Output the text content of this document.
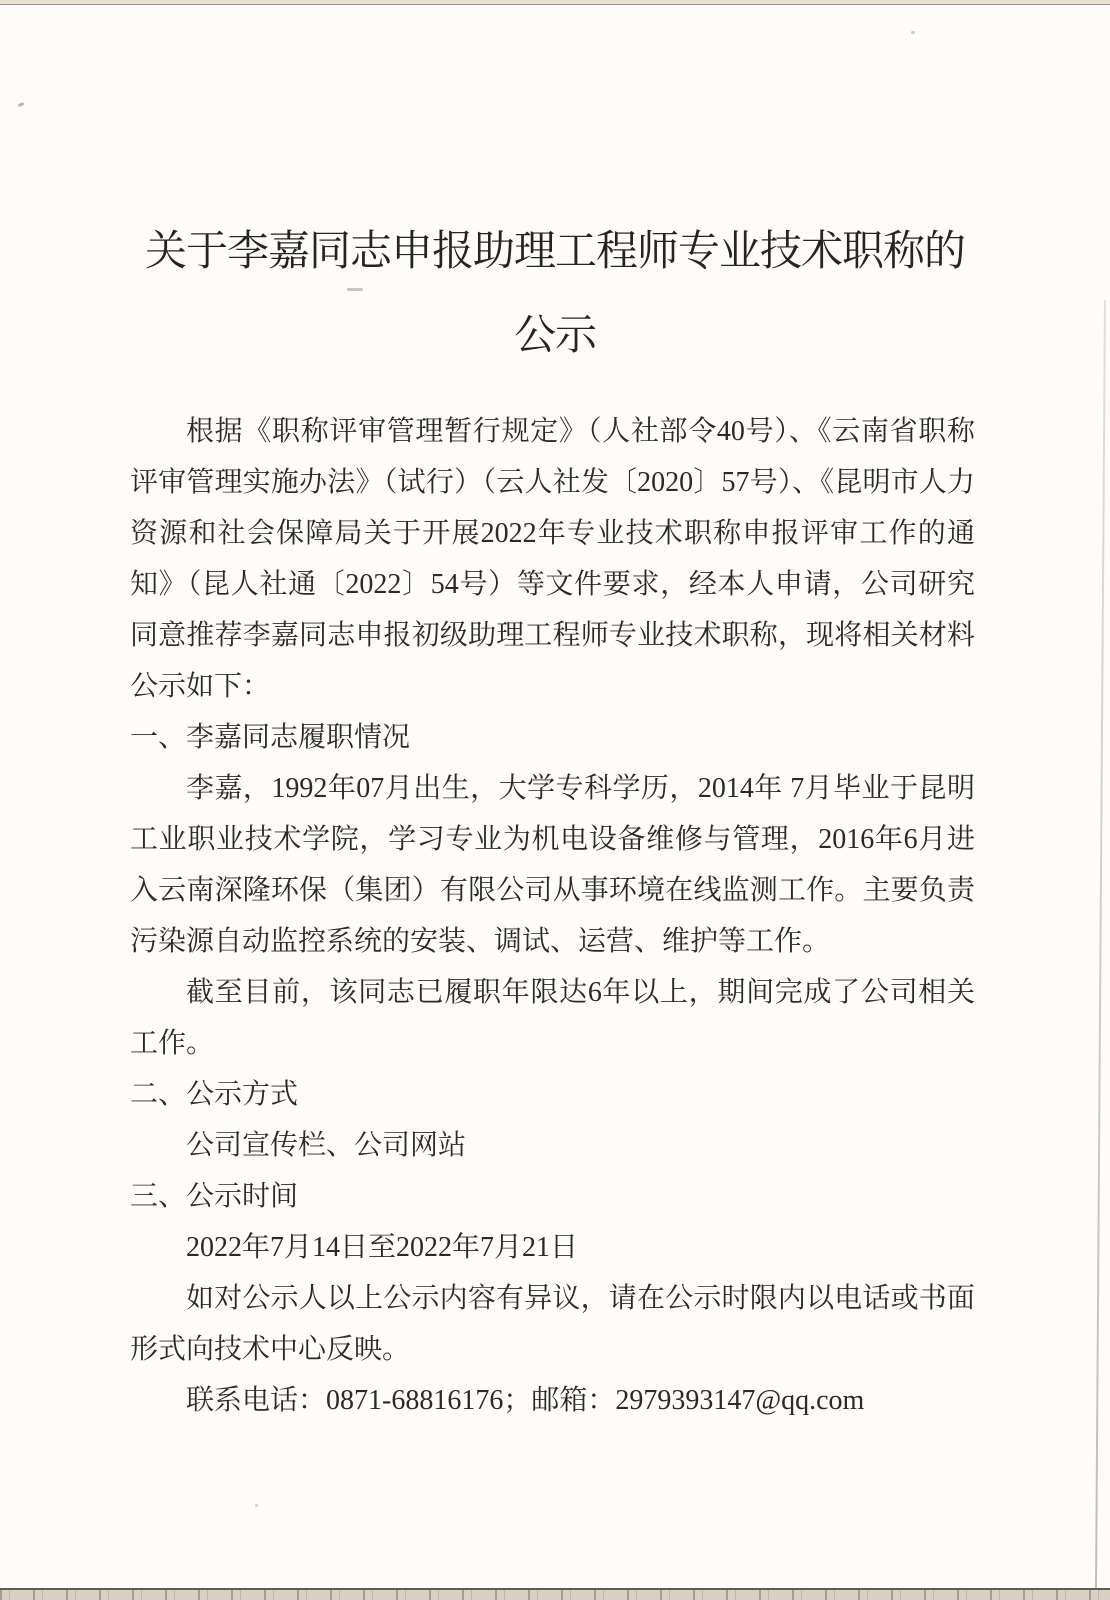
关于李嘉同志申报助理工程师专业技术职称的
公示

根据《职称评审管理暂行规定》（人社部令40号）、《云南省职称评审管理实施办法》（试行）（云人社发〔2020〕57号）、《昆明市人力资源和社会保障局关于开展2022年专业技术职称申报评审工作的通知》（昆人社通〔2022〕54号）等文件要求，经本人申请，公司研究同意推荐李嘉同志申报初级助理工程师专业技术职称，现将相关材料公示如下：

一、李嘉同志履职情况

李嘉，1992年07月出生，大学专科学历，2014年 7月毕业于昆明工业职业技术学院，学习专业为机电设备维修与管理，2016年6月进入云南深隆环保（集团）有限公司从事环境在线监测工作。主要负责污染源自动监控系统的安装、调试、运营、维护等工作。

截至目前，该同志已履职年限达6年以上，期间完成了公司相关工作。

二、公示方式

公司宣传栏、公司网站

三、公示时间

2022年7月14日至2022年7月21日

如对公示人以上公示内容有异议，请在公示时限内以电话或书面形式向技术中心反映。

联系电话：0871-68816176；邮箱：2979393147@qq.com
